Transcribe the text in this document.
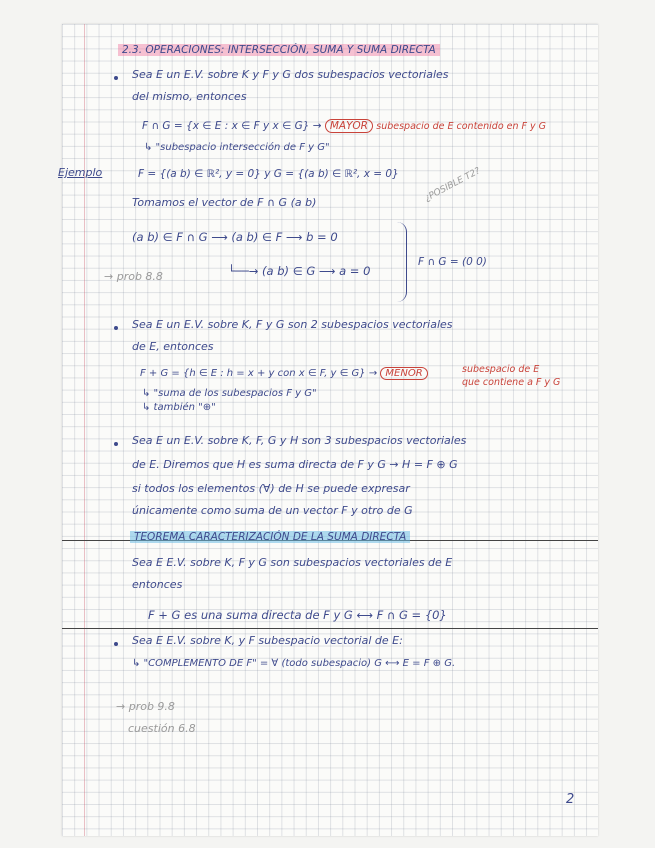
2.3. OPERACIONES: INTERSECCIÓN, SUMA Y SUMA DIRECTA
Sea E un E.V. sobre K y F y G dos subespacios vectoriales
del mismo, entonces
F ∩ G = {x ∈ E : x ∈ F y x ∈ G} → MAYOR subespacio de E contenido en F y G
↳ "subespacio intersección de F y G"
Ejemplo	F = {(a b) ∈ ℝ², y = 0} y G = {(a b) ∈ ℝ², x = 0}	¿POSIBLE T2?
Tomamos el vector de F ∩ G (a b)
(a b) ∈ F ∩ G ⟶ (a b) ∈ F ⟶ b = 0
└──→ (a b) ∈ G ⟶ a = 0
F ∩ G = (0 0)
→ prob 8.8
Sea E un E.V. sobre K, F y G son 2 subespacios vectoriales
de E, entonces
F + G = {h ∈ E : h = x + y con x ∈ F, y ∈ G} → MENOR	subespacio de E
que contiene a F y G
↳ "suma de los subespacios F y G"
↳ también "⊕"
Sea E un E.V. sobre K, F, G y H son 3 subespacios vectoriales
de E. Diremos que H es suma directa de F y G → H = F ⊕ G
si todos los elementos (∀) de H se puede expresar
únicamente como suma de un vector F y otro de G
TEOREMA CARACTERIZACIÓN DE LA SUMA DIRECTA
Sea E E.V. sobre K, F y G son subespacios vectoriales de E
entonces
F + G es una suma directa de F y G ⟷ F ∩ G = {0}
Sea E E.V. sobre K, y F subespacio vectorial de E:
↳ "COMPLEMENTO DE F" = ∀ (todo subespacio) G ⟷ E = F ⊕ G.
→ prob 9.8
cuestión 6.8
2
